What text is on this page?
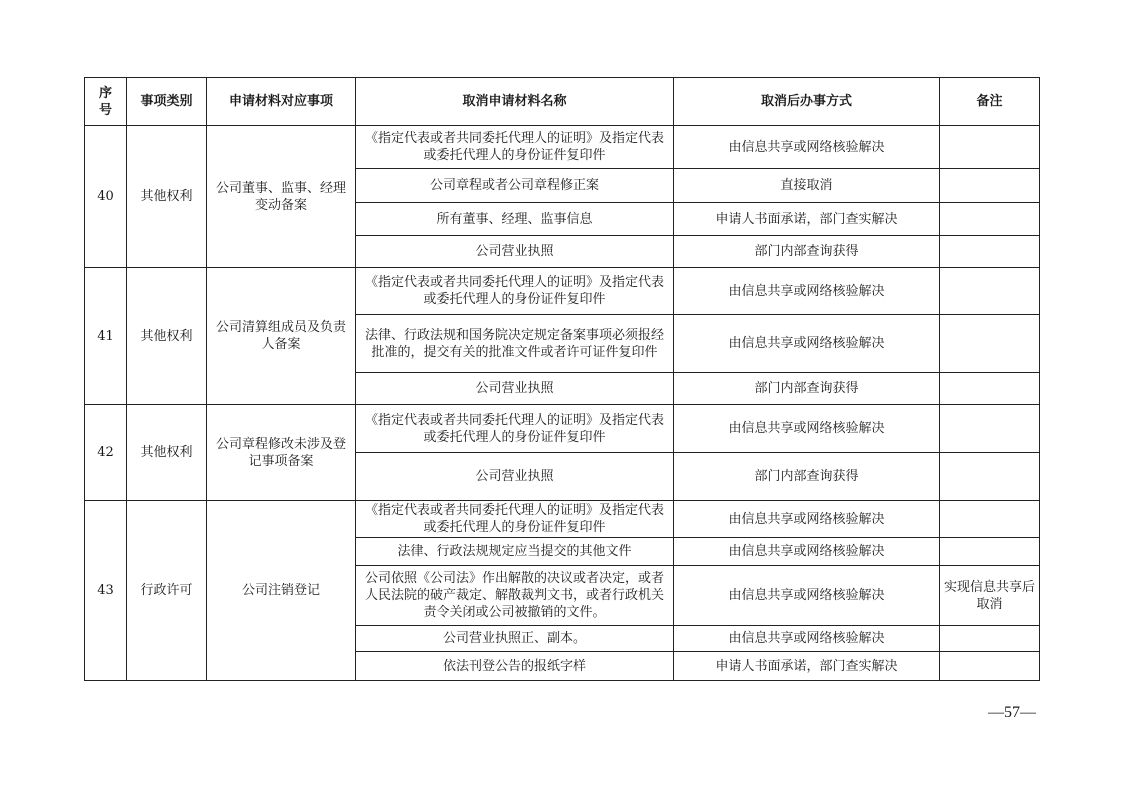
序
号	事项类别	申请材料对应事项	取消申请材料名称	取消后办事方式	备注
40	其他权利	公司董事、监事、经理变动备案	《指定代表或者共同委托代理人的证明》及指定代表或委托代理人的身份证件复印件	由信息共享或网络核验解决	
			公司章程或者公司章程修正案	直接取消	
			所有董事、经理、监事信息	申请人书面承诺，部门查实解决	
			公司营业执照	部门内部查询获得	
41	其他权利	公司清算组成员及负责人备案	《指定代表或者共同委托代理人的证明》及指定代表或委托代理人的身份证件复印件	由信息共享或网络核验解决	
			法律、行政法规和国务院决定规定备案事项必须报经批准的，提交有关的批准文件或者许可证件复印件	由信息共享或网络核验解决	
			公司营业执照	部门内部查询获得	
42	其他权利	公司章程修改未涉及登记事项备案	《指定代表或者共同委托代理人的证明》及指定代表或委托代理人的身份证件复印件	由信息共享或网络核验解决	
			公司营业执照	部门内部查询获得	
43	行政许可	公司注销登记	《指定代表或者共同委托代理人的证明》及指定代表或委托代理人的身份证件复印件	由信息共享或网络核验解决	
			法律、行政法规规定应当提交的其他文件	由信息共享或网络核验解决	
			公司依照《公司法》作出解散的决议或者决定，或者人民法院的破产裁定、解散裁判文书，或者行政机关责令关闭或公司被撤销的文件。	由信息共享或网络核验解决	实现信息共享后取消
			公司营业执照正、副本。	由信息共享或网络核验解决	
			依法刊登公告的报纸字样	申请人书面承诺，部门查实解决	
—57—
